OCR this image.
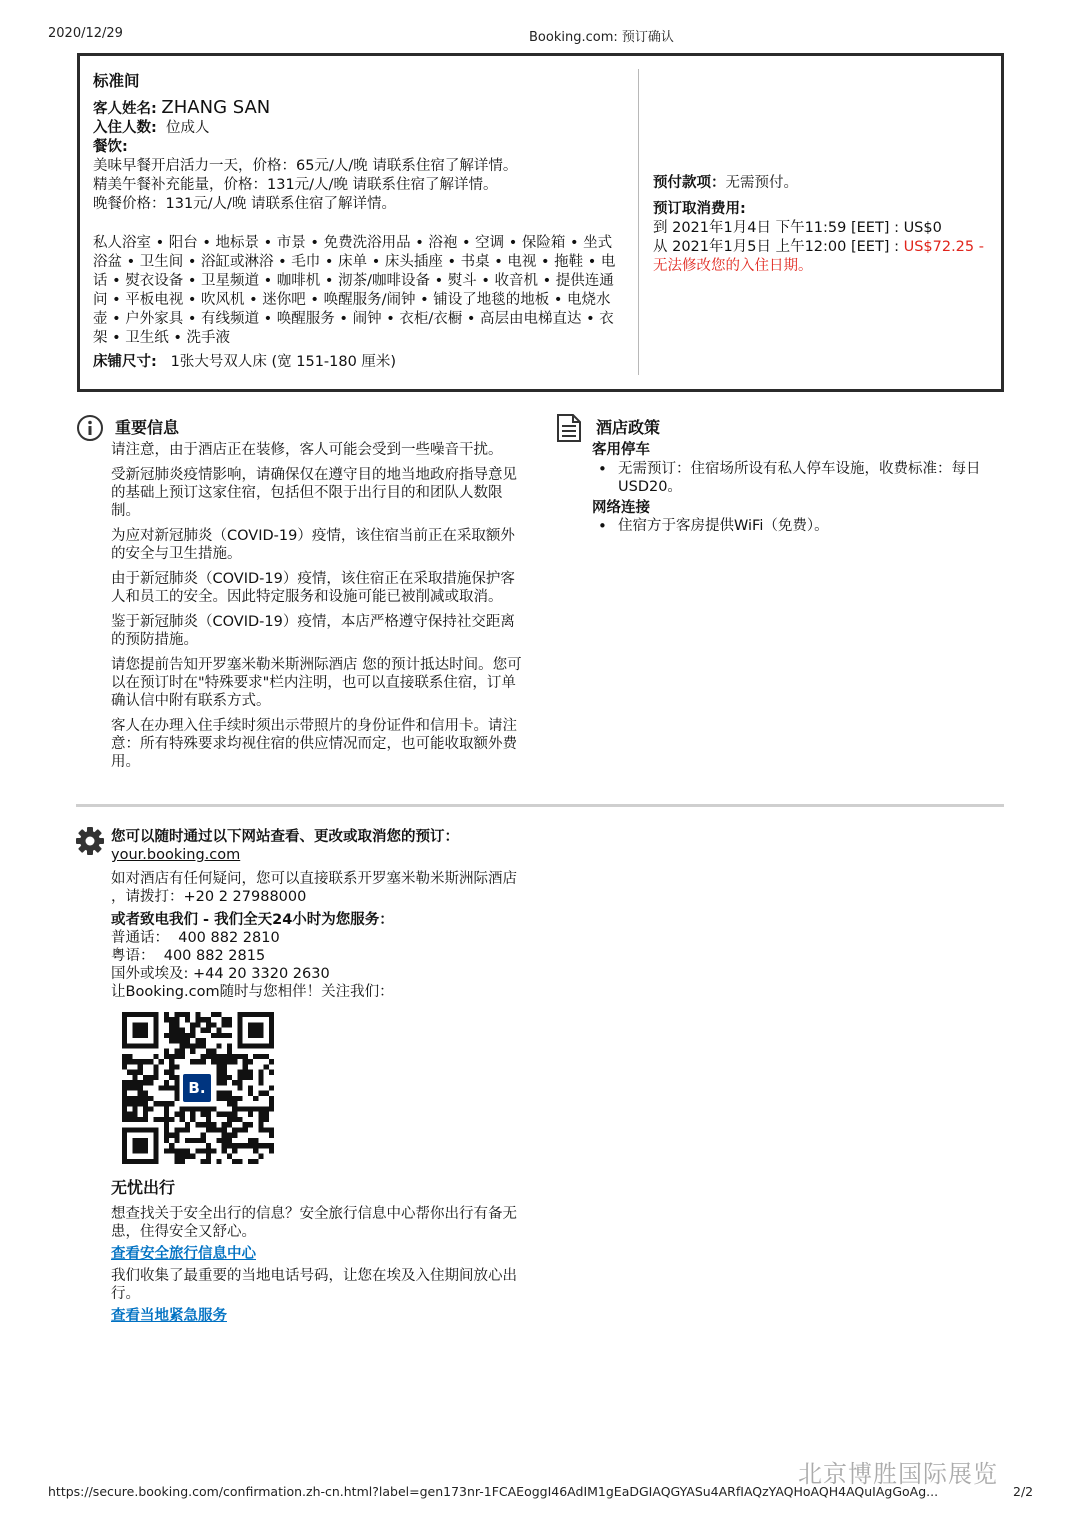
2020/12/29	Booking.com: 预订确认
标准间
客人姓名: ZHANG SAN
入住人数: 位成人
餐饮:
美味早餐开启活力一天，价格：65元/人/晚 请联系住宿了解详情。
精美午餐补充能量，价格：131元/人/晚 请联系住宿了解详情。
晚餐价格：131元/人/晚 请联系住宿了解详情。
私人浴室 • 阳台 • 地标景 • 市景 • 免费洗浴用品 • 浴袍 • 空调 • 保险箱 • 坐式浴盆 • 卫生间 • 浴缸或淋浴 • 毛巾 • 床单 • 床头插座 • 书桌 • 电视 • 拖鞋 • 电话 • 熨衣设备 • 卫星频道 • 咖啡机 • 沏茶/咖啡设备 • 熨斗 • 收音机 • 提供连通问 • 平板电视 • 吹风机 • 迷你吧 • 唤醒服务/闹钟 • 铺设了地毯的地板 • 电烧水壶 • 户外家具 • 有线频道 • 唤醒服务 • 闹钟 • 衣柜/衣橱 • 高层由电梯直达 • 衣架 • 卫生纸 • 洗手液
床铺尺寸: 1张大号双人床 (宽 151-180 厘米)
预付款项：无需预付。
预订取消费用:
到 2021年1月4日 下午11:59 [EET] : US$0
从 2021年1月5日 上午12:00 [EET] : US$72.25 -
无法修改您的入住日期。
重要信息
请注意，由于酒店正在装修，客人可能会受到一些噪音干扰。
受新冠肺炎疫情影响，请确保仅在遵守目的地当地政府指导意见的基础上预订这家住宿，包括但不限于出行目的和团队人数限制。
为应对新冠肺炎（COVID-19）疫情，该住宿当前正在采取额外的安全与卫生措施。
由于新冠肺炎（COVID-19）疫情，该住宿正在采取措施保护客人和员工的安全。因此特定服务和设施可能已被削减或取消。
鉴于新冠肺炎（COVID-19）疫情，本店严格遵守保持社交距离的预防措施。
请您提前告知开罗塞米勒米斯洲际酒店 您的预计抵达时间。您可以在预订时在"特殊要求"栏内注明，也可以直接联系住宿，订单确认信中附有联系方式。
客人在办理入住手续时须出示带照片的身份证件和信用卡。请注意：所有特殊要求均视住宿的供应情况而定，也可能收取额外费用。
酒店政策
客用停车
• 无需预订：住宿场所设有私人停车设施，收费标准：每日USD20。
网络连接
• 住宿方于客房提供WiFi（免费）。
您可以随时通过以下网站查看、更改或取消您的预订：
your.booking.com
如对酒店有任何疑问，您可以直接联系开罗塞米勒米斯洲际酒店 ，请拨打：+20 2 27988000
或者致电我们 - 我们全天24小时为您服务：
普通话：  400 882 2810
粤语：  400 882 2815
国外或埃及: +44 20 3320 2630
让Booking.com随时与您相伴！关注我们：
B.
无忧出行
想查找关于安全出行的信息？安全旅行信息中心帮你出行有备无患，住得安全又舒心。
查看安全旅行信息中心
我们收集了最重要的当地电话号码，让您在埃及入住期间放心出行。
查看当地紧急服务
北京博胜国际展览
https://secure.booking.com/confirmation.zh-cn.html?label=gen173nr-1FCAEoggI46AdIM1gEaDGIAQGYASu4ARfIAQzYAQHoAQH4AQuIAgGoAg...	2/2
